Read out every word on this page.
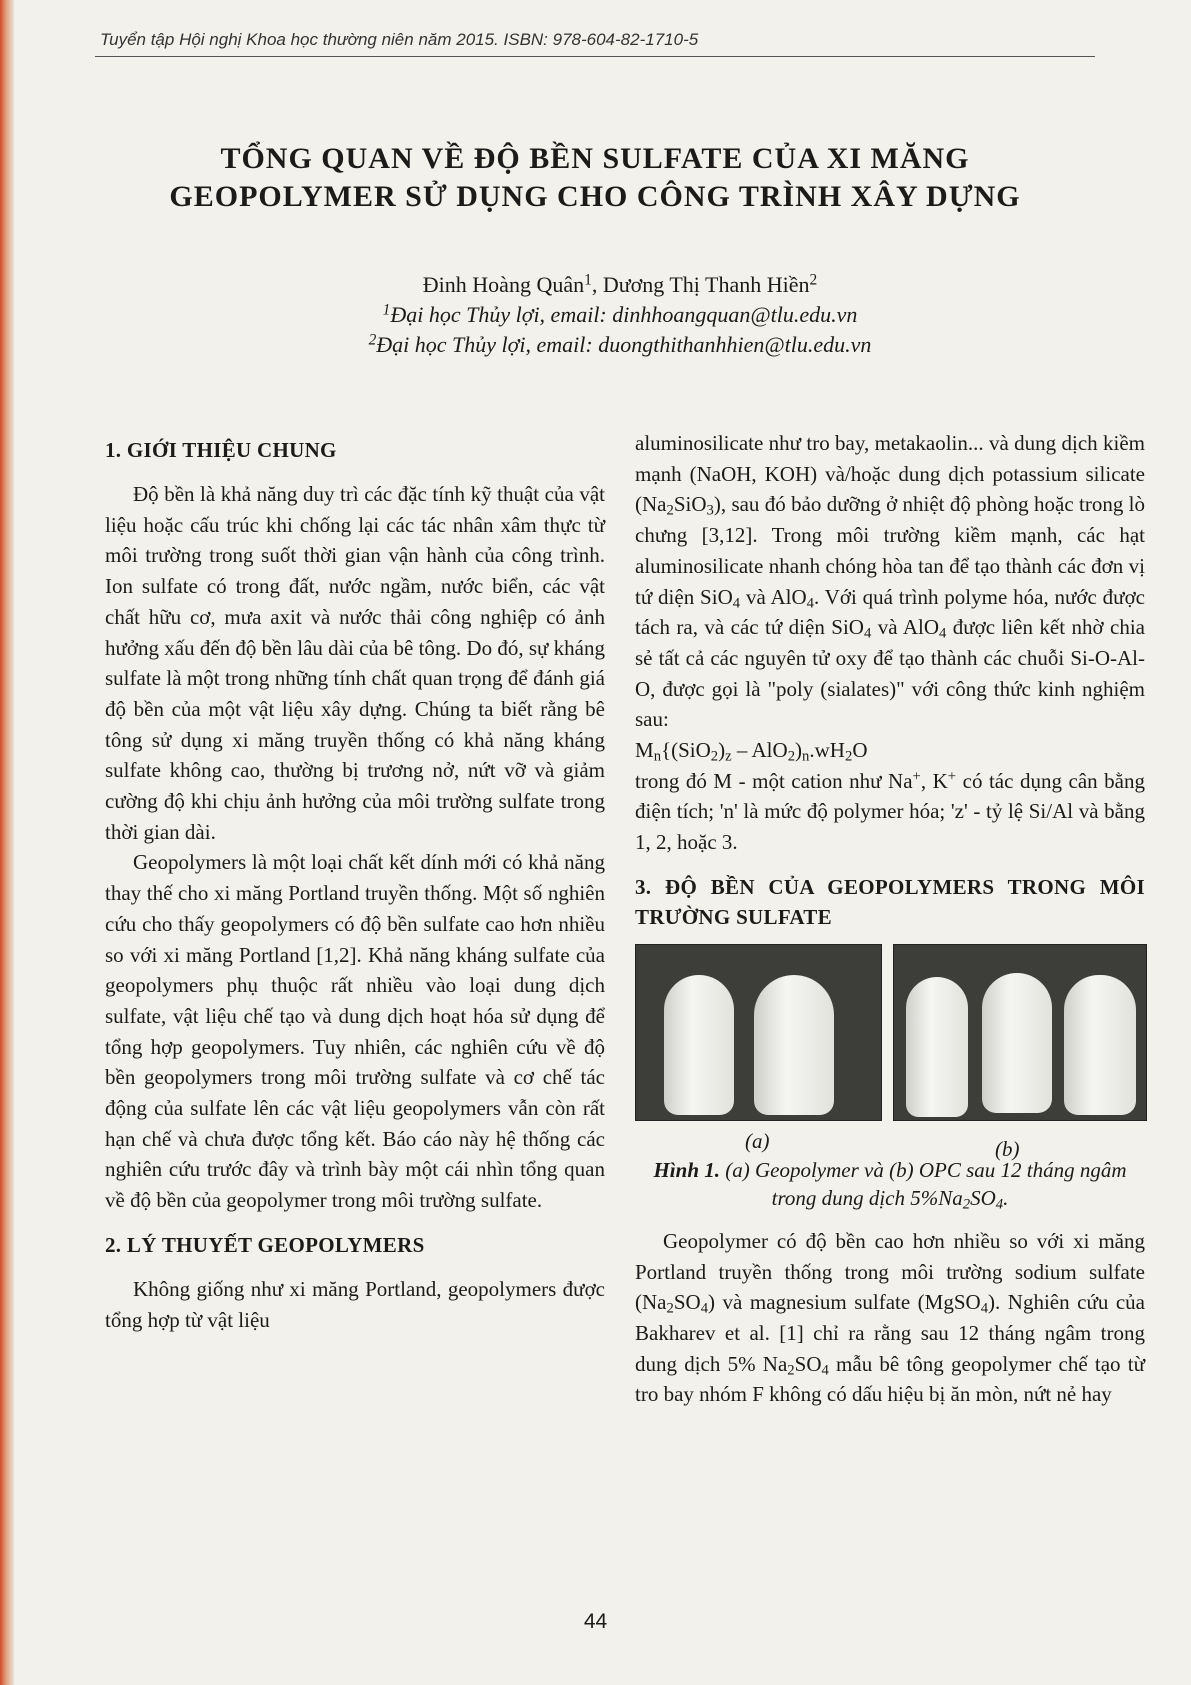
Tuyển tập Hội nghị Khoa học thường niên năm 2015. ISBN: 978-604-82-1710-5
TỔNG QUAN VỀ ĐỘ BỀN SULFATE CỦA XI MĂNG
GEOPOLYMER SỬ DỤNG CHO CÔNG TRÌNH XÂY DỰNG
Đinh Hoàng Quân$^1$, Dương Thị Thanh Hiền$^2$
$^1$Đại học Thủy lợi, email: dinhhoangquan@tlu.edu.vn
$^2$Đại học Thủy lợi, email: duongthithanhhien@tlu.edu.vn
1. GIỚI THIỆU CHUNG

Độ bền là khả năng duy trì các đặc tính kỹ thuật của vật liệu hoặc cấu trúc khi chống lại các tác nhân xâm thực từ môi trường trong suốt thời gian vận hành của công trình. Ion sulfate có trong đất, nước ngầm, nước biển, các vật chất hữu cơ, mưa axit và nước thải công nghiệp có ảnh hưởng xấu đến độ bền lâu dài của bê tông. Do đó, sự kháng sulfate là một trong những tính chất quan trọng để đánh giá độ bền của một vật liệu xây dựng. Chúng ta biết rằng bê tông sử dụng xi măng truyền thống có khả năng kháng sulfate không cao, thường bị trương nở, nứt vỡ và giảm cường độ khi chịu ảnh hưởng của môi trường sulfate trong thời gian dài.

Geopolymers là một loại chất kết dính mới có khả năng thay thế cho xi măng Portland truyền thống. Một số nghiên cứu cho thấy geopolymers có độ bền sulfate cao hơn nhiều so với xi măng Portland [1,2]. Khả năng kháng sulfate của geopolymers phụ thuộc rất nhiều vào loại dung dịch sulfate, vật liệu chế tạo và dung dịch hoạt hóa sử dụng để tổng hợp geopolymers. Tuy nhiên, các nghiên cứu về độ bền geopolymers trong môi trường sulfate và cơ chế tác động của sulfate lên các vật liệu geopolymers vẫn còn rất hạn chế và chưa được tổng kết. Báo cáo này hệ thống các nghiên cứu trước đây và trình bày một cái nhìn tổng quan về độ bền của geopolymer trong môi trường sulfate.

2. LÝ THUYẾT GEOPOLYMERS

Không giống như xi măng Portland, geopolymers được tổng hợp từ vật liệu

aluminosilicate như tro bay, metakaolin... và dung dịch kiềm mạnh (NaOH, KOH) và/hoặc dung dịch potassium silicate $(Na_2SiO_3)$, sau đó bảo dưỡng ở nhiệt độ phòng hoặc trong lò chưng [3,12]. Trong môi trường kiềm mạnh, các hạt aluminosilicate nhanh chóng hòa tan để tạo thành các đơn vị tứ diện SiO$_4$ và AlO$_4$. Với quá trình polyme hóa, nước được tách ra, và các tứ diện SiO$_4$ và AlO$_4$ được liên kết nhờ chia sẻ tất cả các nguyên tử oxy để tạo thành các chuỗi Si-O-Al-O, được gọi là "poly (sialates)" với công thức kinh nghiệm sau:

$M_n\{(SiO_2)_z - AlO_2)_n.wH_2O$

trong đó M - một cation như Na+, K+ có tác dụng cân bằng điện tích; 'n' là mức độ polymer hóa; 'z' - tỷ lệ Si/Al và bằng 1, 2, hoặc 3.

3. ĐỘ BỀN CỦA GEOPOLYMERS TRONG MÔI TRƯỜNG SULFATE
(a)	(b)
Hình 1. (a) Geopolymer và (b) OPC sau 12 tháng ngâm trong dung dịch $5\%Na_2SO_4$.

Geopolymer có độ bền cao hơn nhiều so với xi măng Portland truyền thống trong môi trường sodium sulfate $(Na_2SO_4)$ và magnesium sulfate (MgSO$_4$). Nghiên cứu của Bakharev et al. [1] chỉ ra rằng sau 12 tháng ngâm trong dung dịch 5% $Na_2SO_4$ mẫu bê tông geopolymer chế tạo từ tro bay nhóm F không có dấu hiệu bị ăn mòn, nứt nẻ hay

44
